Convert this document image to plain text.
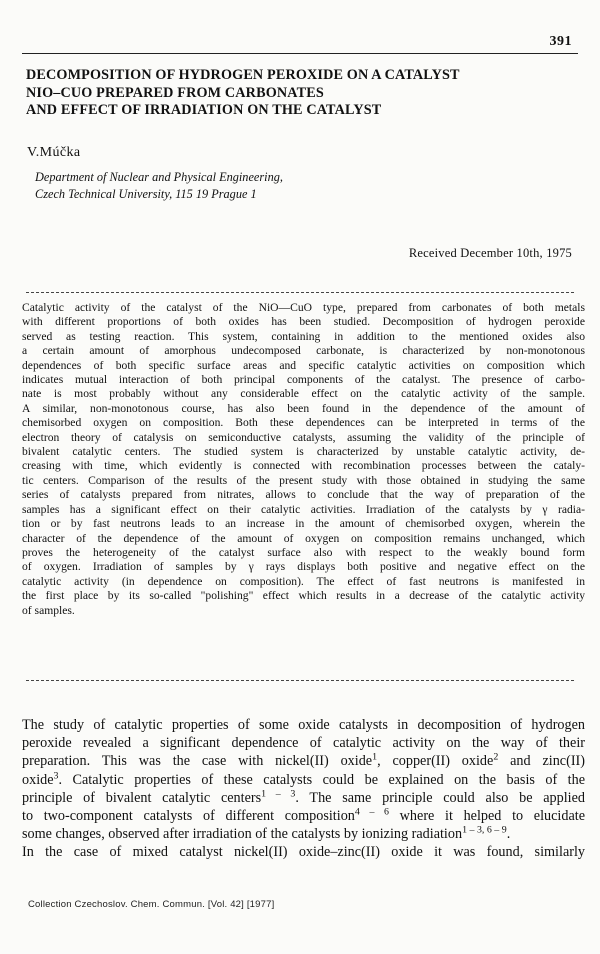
391
DECOMPOSITION OF HYDROGEN PEROXIDE ON A CATALYST
NIO–CUO PREPARED FROM CARBONATES
AND EFFECT OF IRRADIATION ON THE CATALYST
V.Múčka
Department of Nuclear and Physical Engineering,
Czech Technical University, 115 19 Prague 1
Received December 10th, 1975
Catalytic activity of the catalyst of the NiO—CuO type, prepared from carbonates of both metals
with different proportions of both oxides has been studied. Decomposition of hydrogen peroxide
served as testing reaction. This system, containing in addition to the mentioned oxides also
a certain amount of amorphous undecomposed carbonate, is characterized by non-monotonous
dependences of both specific surface areas and specific catalytic activities on composition which
indicates mutual interaction of both principal components of the catalyst. The presence of carbo-
nate is most probably without any considerable effect on the catalytic activity of the sample.
A similar, non-monotonous course, has also been found in the dependence of the amount of
chemisorbed oxygen on composition. Both these dependences can be interpreted in terms of the
electron theory of catalysis on semiconductive catalysts, assuming the validity of the principle of
bivalent catalytic centers. The studied system is characterized by unstable catalytic activity, de-
creasing with time, which evidently is connected with recombination processes between the cataly-
tic centers. Comparison of the results of the present study with those obtained in studying the same
series of catalysts prepared from nitrates, allows to conclude that the way of preparation of the
samples has a significant effect on their catalytic activities. Irradiation of the catalysts by γ radia-
tion or by fast neutrons leads to an increase in the amount of chemisorbed oxygen, wherein the
character of the dependence of the amount of oxygen on composition remains unchanged, which
proves the heterogeneity of the catalyst surface also with respect to the weakly bound form
of oxygen. Irradiation of samples by γ rays displays both positive and negative effect on the
catalytic activity (in dependence on composition). The effect of fast neutrons is manifested in
the first place by its so-called "polishing" effect which results in a decrease of the catalytic activity
of samples.
The study of catalytic properties of some oxide catalysts in decomposition of hydrogen
peroxide revealed a significant dependence of catalytic activity on the way of their
preparation. This was the case with nickel(II) oxide$^1$, copper(II) oxide$^2$ and zinc(II)
oxide$^3$. Catalytic properties of these catalysts could be explained on the basis of the
principle of bivalent catalytic centers$^{1 - 3}$. The same principle could also be applied
to two-component catalysts of different composition$^{4 - 6}$ where it helped to elucidate
some changes, observed after irradiation of the catalysts by ionizing radiation$^{1 - 3, 6 - 9}$.
In the case of mixed catalyst nickel(II) oxide–zinc(II) oxide it was found, similarly
Collection Czechoslov. Chem. Commun. [Vol. 42] [1977]
